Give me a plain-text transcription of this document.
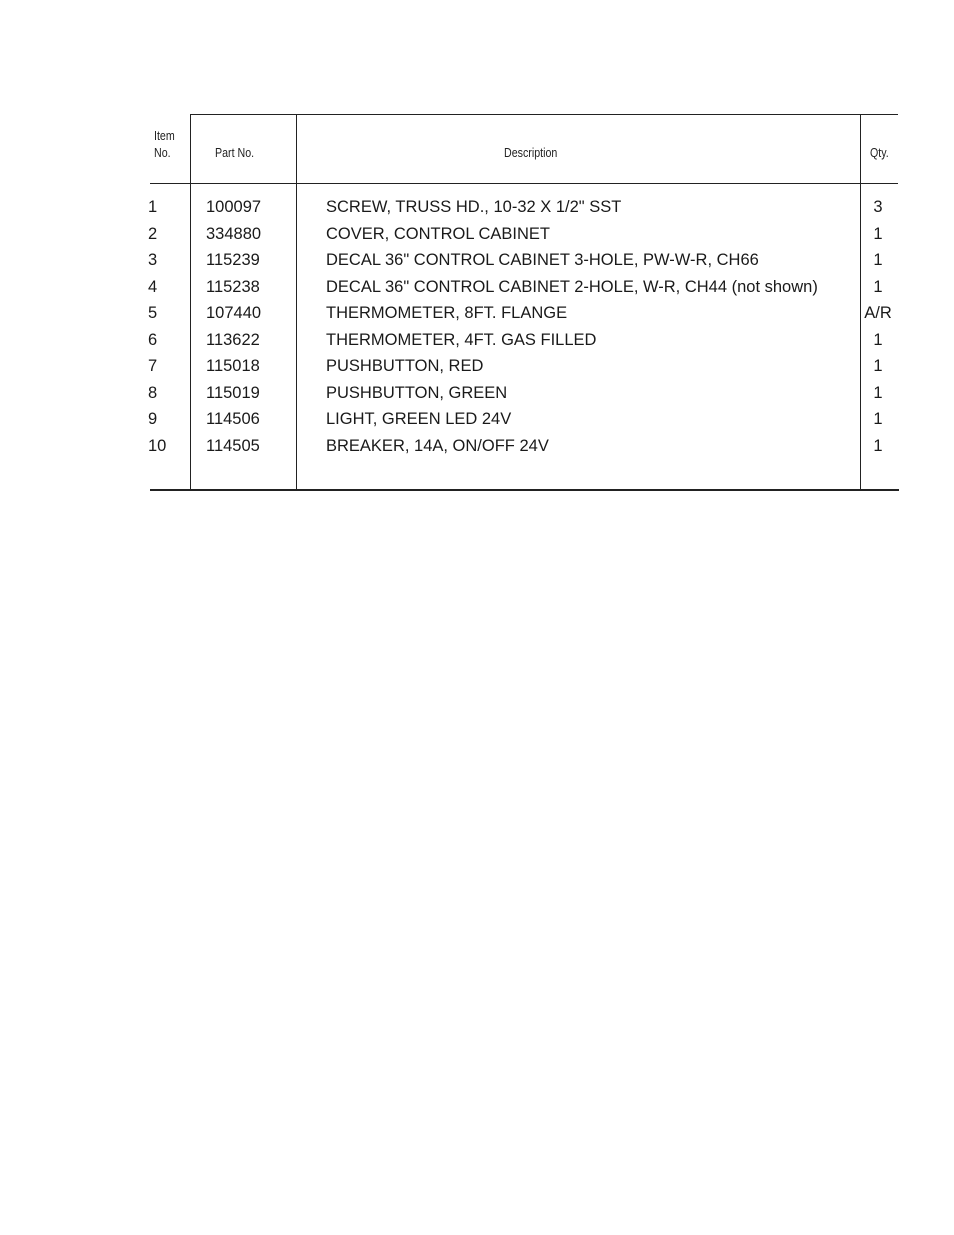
Item
No.	Part No.	Description	Qty.
1	100097	SCREW, TRUSS HD., 10-32 X 1/2" SST	3
2	334880	COVER, CONTROL CABINET	1
3	115239	DECAL 36" CONTROL CABINET 3-HOLE, PW-W-R, CH66	1
4	115238	DECAL 36" CONTROL CABINET 2-HOLE, W-R, CH44 (not shown)	1
5	107440	THERMOMETER, 8FT. FLANGE	A/R
6	113622	THERMOMETER, 4FT. GAS FILLED	1
7	115018	PUSHBUTTON, RED	1
8	115019	PUSHBUTTON, GREEN	1
9	114506	LIGHT, GREEN LED 24V	1
10 114505	BREAKER, 14A, ON/OFF 24V	1
